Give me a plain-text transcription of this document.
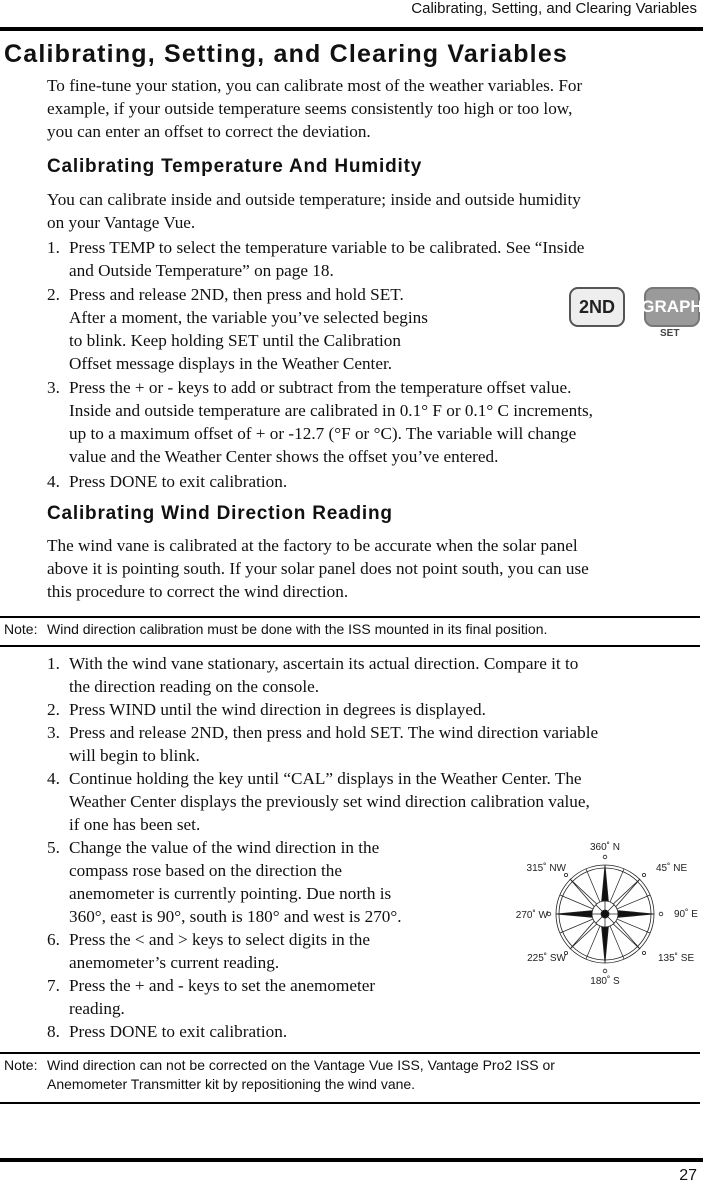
Calibrating, Setting, and Clearing Variables
Calibrating, Setting, and Clearing Variables
To fine-tune your station, you can calibrate most of the weather variables. For
example, if your outside temperature seems consistently too high or too low,
you can enter an offset to correct the deviation.
Calibrating Temperature And Humidity
You can calibrate inside and outside temperature; inside and outside humidity
on your Vantage Vue.
1. Press TEMP to select the temperature variable to be calibrated. See “Inside
and Outside Temperature” on page 18.
2. Press and release 2ND, then press and hold SET.
After a moment, the variable you’ve selected begins
to blink. Keep holding SET until the Calibration
Offset message displays in the Weather Center.
2ND	GRAPH
SET
3. Press the + or - keys to add or subtract from the temperature offset value.
Inside and outside temperature are calibrated in 0.1° F or 0.1° C increments,
up to a maximum offset of + or -12.7 (°F or °C). The variable will change
value and the Weather Center shows the offset you’ve entered.
4. Press DONE to exit calibration.
Calibrating Wind Direction Reading
The wind vane is calibrated at the factory to be accurate when the solar panel
above it is pointing south. If your solar panel does not point south, you can use
this procedure to correct the wind direction.
Note: Wind direction calibration must be done with the ISS mounted in its final position.
1. With the wind vane stationary, ascertain its actual direction. Compare it to
the direction reading on the console.
2. Press WIND until the wind direction in degrees is displayed.
3. Press and release 2ND, then press and hold SET. The wind direction variable
will begin to blink.
4. Continue holding the key until “CAL” displays in the Weather Center. The
Weather Center displays the previously set wind direction calibration value,
if one has been set.
5. Change the value of the wind direction in the
compass rose based on the direction the
anemometer is currently pointing. Due north is
360°, east is 90°, south is 180° and west is 270°.
6. Press the < and > keys to select digits in the
anemometer’s current reading.
7. Press the + and - keys to set the anemometer
reading.
8. Press DONE to exit calibration.
360˚ N
45˚ NE
90˚ E
135˚ SE
180˚ S
225˚ SW
270˚ W
315˚ NW
Note: Wind direction can not be corrected on the Vantage Vue ISS, Vantage Pro2 ISS or
Anemometer Transmitter kit by repositioning the wind vane.
27
